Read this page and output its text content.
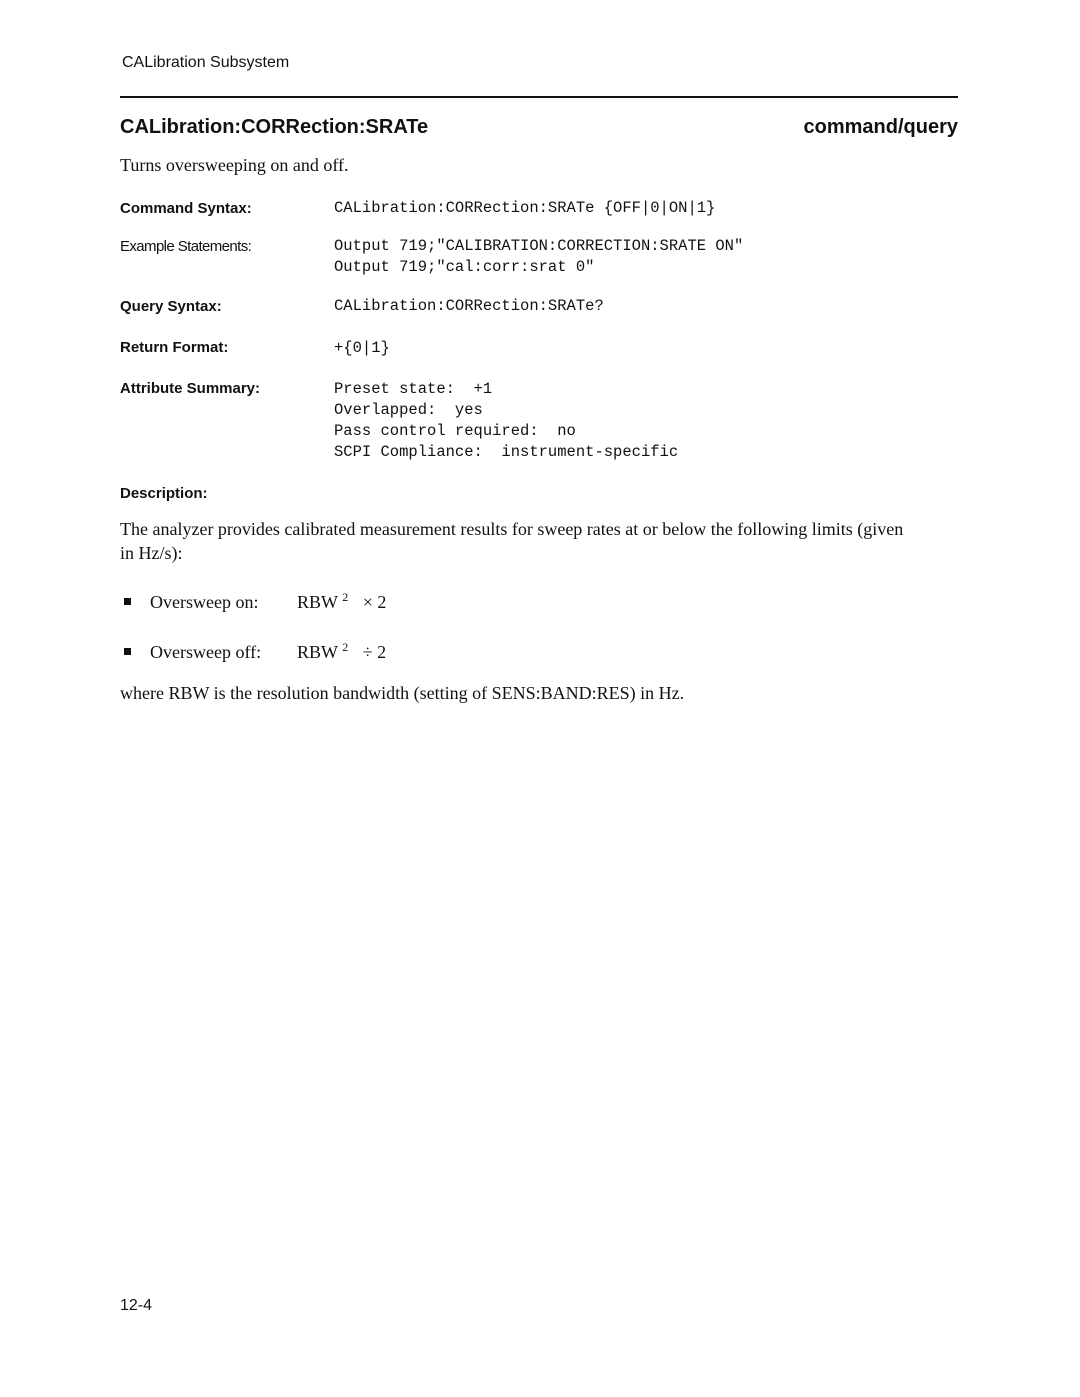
CALibration Subsystem
CALibration:CORRection:SRATe	command/query
Turns oversweeping on and off.
Command Syntax:	CALibration:CORRection:SRATe {OFF|0|ON|1}
Example Statements:	Output 719;"CALIBRATION:CORRECTION:SRATE ON"
Output 719;"cal:corr:srat 0"
Query Syntax:	CALibration:CORRection:SRATe?
Return Format:	+{0|1}
Attribute Summary:	Preset state:  +1
Overlapped:  yes
Pass control required:  no
SCPI Compliance:  instrument-specific
Description:
The analyzer provides calibrated measurement results for sweep rates at or below the following limits (given in Hz/s):
Oversweep on:	RBW $^2$ × 2
Oversweep off:	RBW $^2$ ÷ 2
where RBW is the resolution bandwidth (setting of SENS:BAND:RES) in Hz.
12-4
